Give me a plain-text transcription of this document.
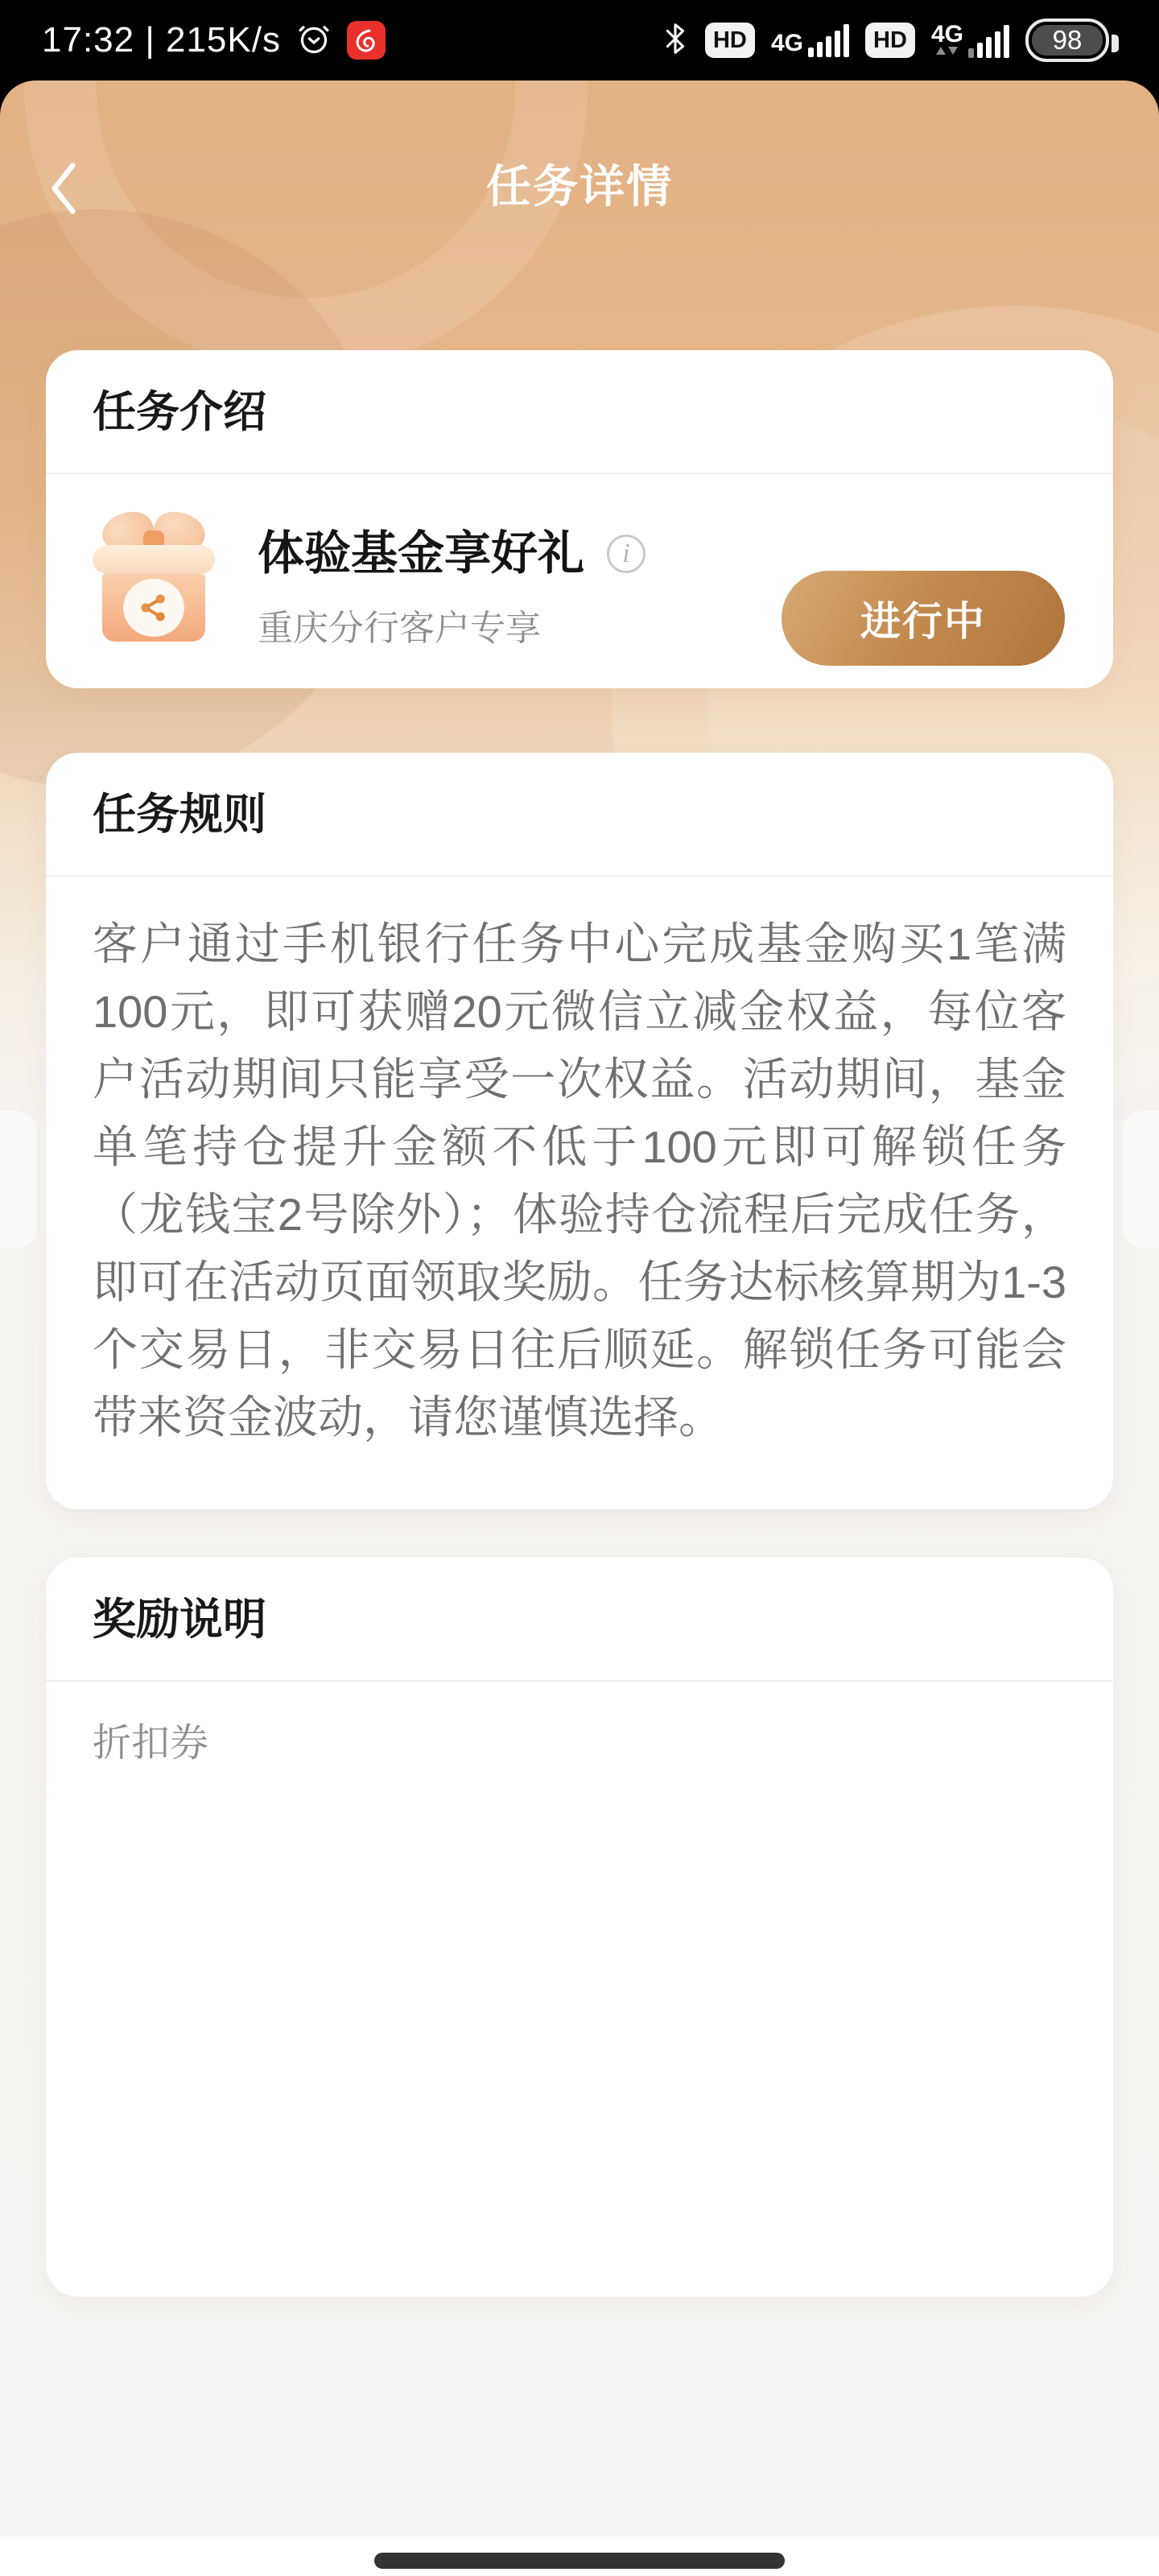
17:32 | 215K/s	HD	4G	HD	4G	98
任务详情
任务介绍
体验基金享好礼 i
重庆分行客户专享	进行中
任务规则
客户通过手机银行任务中心完成基金购买1笔满100元，即可获赠20元微信立减金权益，每位客户活动期间只能享受一次权益。活动期间，基金单笔持仓提升金额不低于100元即可解锁任务（龙钱宝2号除外）；体验持仓流程后完成任务，即可在活动页面领取奖励。任务达标核算期为1-3个交易日，非交易日往后顺延。解锁任务可能会带来资金波动，请您谨慎选择。
奖励说明
折扣券
